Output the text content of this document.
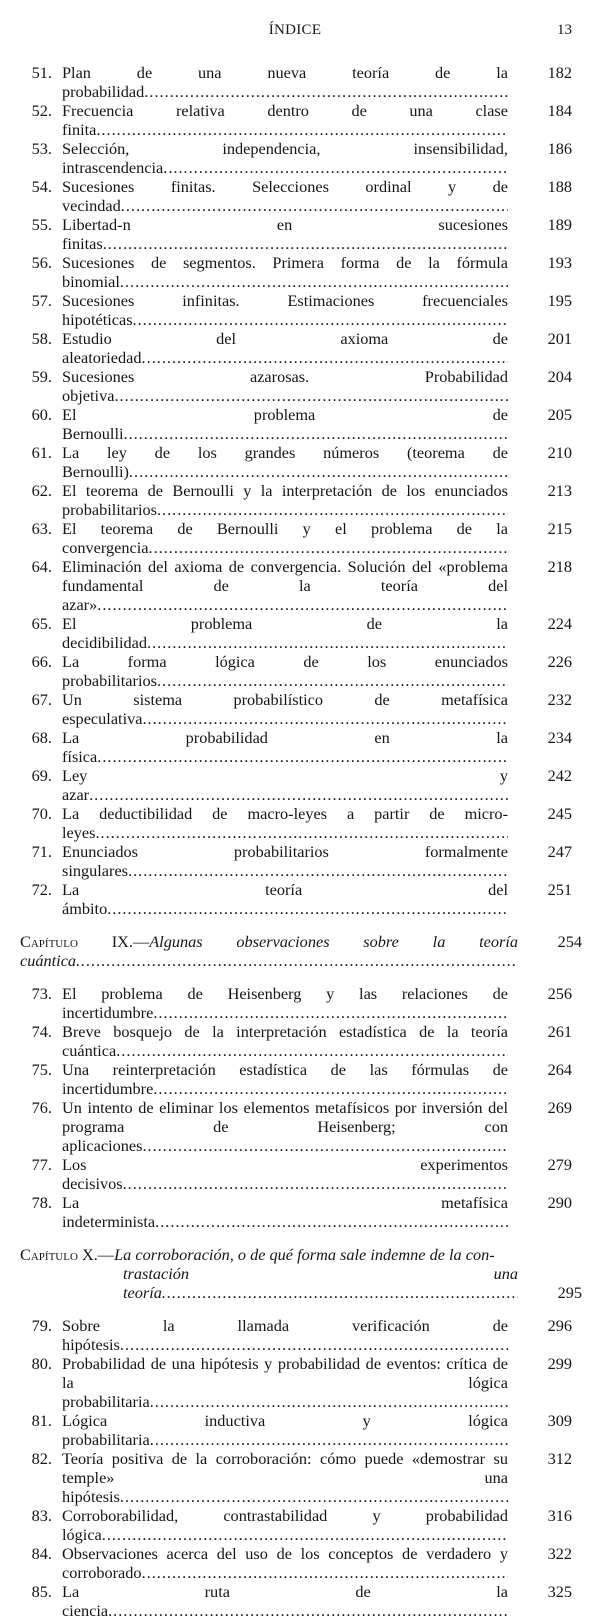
ÍNDICE	13
51. Plan de una nueva teoría de la probabilidad .....
182
52. Frecuencia relativa dentro de una clase finita .....
184
53. Selección, independencia, insensibilidad, intrascendencia .....
186
54. Sucesiones finitas. Selecciones ordinal y de vecindad .....
188
55. Libertad-n en sucesiones finitas .....
189
56. Sucesiones de segmentos. Primera forma de la fórmula binomial .....
193
57. Sucesiones infinitas. Estimaciones frecuenciales hipotéticas .....
195
58. Estudio del axioma de aleatoriedad .....
201
59. Sucesiones azarosas. Probabilidad objetiva .....
204
60. El problema de Bernoulli .....
205
61. La ley de los grandes números (teorema de Bernoulli) .....
210
62. El teorema de Bernoulli y la interpretación de los enunciados probabilitarios .....
213
63. El teorema de Bernoulli y el problema de la convergencia .....
215
64. Eliminación del axioma de convergencia. Solución del «problema fundamental de la teoría del azar» .....
218
65. El problema de la decidibilidad .....
224
66. La forma lógica de los enunciados probabilitarios .....
226
67. Un sistema probabilístico de metafísica especulativa .....
232
68. La probabilidad en la física .....
234
69. Ley y azar .....
242
70. La deductibilidad de macro-leyes a partir de micro-leyes .....
245
71. Enunciados probabilitarios formalmente singulares .....
247
72. La teoría del ámbito .....
251
Capítulo IX.—Algunas observaciones sobre la teoría cuántica .....
254
73. El problema de Heisenberg y las relaciones de incertidumbre .....
256
74. Breve bosquejo de la interpretación estadística de la teoría cuántica .....
261
75. Una reinterpretación estadística de las fórmulas de incertidumbre .....
264
76. Un intento de eliminar los elementos metafísicos por inversión del programa de Heisenberg; con aplicaciones .....
269
77. Los experimentos decisivos .....
279
78. La metafísica indeterminista .....
290
Capítulo X.—La corroboración, o de qué forma sale indemne de la con-
trastación una teoría .....	295
79. Sobre la llamada verificación de hipótesis .....
296
80. Probabilidad de una hipótesis y probabilidad de eventos: crítica de la lógica probabilitaria .....
299
81. Lógica inductiva y lógica probabilitaria .....
309
82. Teoría positiva de la corroboración: cómo puede «demostrar su temple» una hipótesis .....
312
83. Corroborabilidad, contrastabilidad y probabilidad lógica .....
316
84. Observaciones acerca del uso de los conceptos de verdadero y corroborado .....
322
85. La ruta de la ciencia .....
325
